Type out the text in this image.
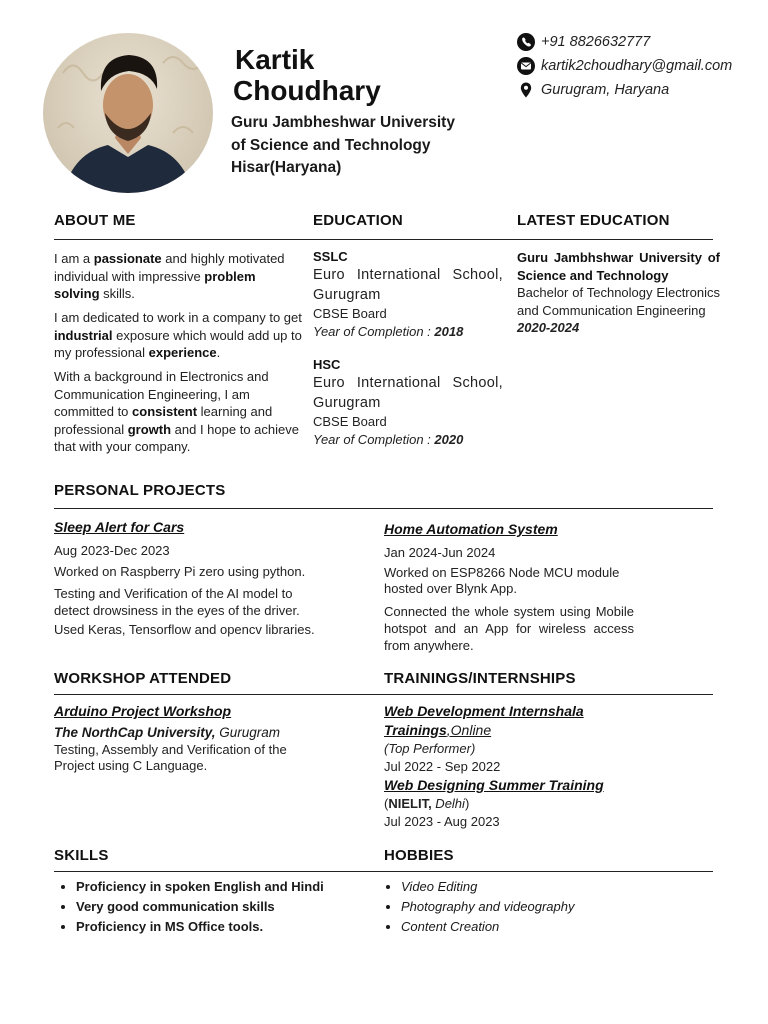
Kartik
Choudhary
Guru Jambheshwar University
of Science and Technology
Hisar(Haryana)
+91 8826632777
kartik2choudhary@gmail.com
Gurugram, Haryana
ABOUT ME	EDUCATION	LATEST EDUCATION
I am a passionate and highly motivated individual with impressive problem solving skills.
I am dedicated to work in a company to get industrial exposure which would add up to my professional experience.
With a background in Electronics and Communication Engineering, I am committed to consistent learning and professional growth and I hope to achieve that with your company.
SSLC
Euro International School, Gurugram
CBSE Board
Year of Completion : 2018
HSC
Euro International School, Gurugram
CBSE Board
Year of Completion : 2020
Guru Jambhshwar University of Science and Technology
Bachelor of Technology Electronics and Communication Engineering
2020-2024
PERSONAL PROJECTS
Sleep Alert for Cars
Aug 2023-Dec 2023
Worked on Raspberry Pi zero using python.
Testing and Verification of the AI model to detect drowsiness in the eyes of the driver.
Used Keras, Tensorflow and opencv libraries.
Home Automation System
Jan 2024-Jun 2024
Worked on ESP8266 Node MCU module hosted over Blynk App.
Connected the whole system using Mobile hotspot and an App for wireless access from anywhere.
WORKSHOP ATTENDED	TRAININGS/INTERNSHIPS
Arduino Project Workshop
The NorthCap University, Gurugram
Testing, Assembly and Verification of the Project using C Language.
Web Development Internshala
Trainings,Online
(Top Performer)
Jul 2022 - Sep 2022
Web Designing Summer Training
(NIELIT, Delhi)
Jul 2023 - Aug 2023
SKILLS	HOBBIES
• Proficiency in spoken English and Hindi
• Very good communication skills
• Proficiency in MS Office tools.
• Video Editing
• Photography and videography
• Content Creation
